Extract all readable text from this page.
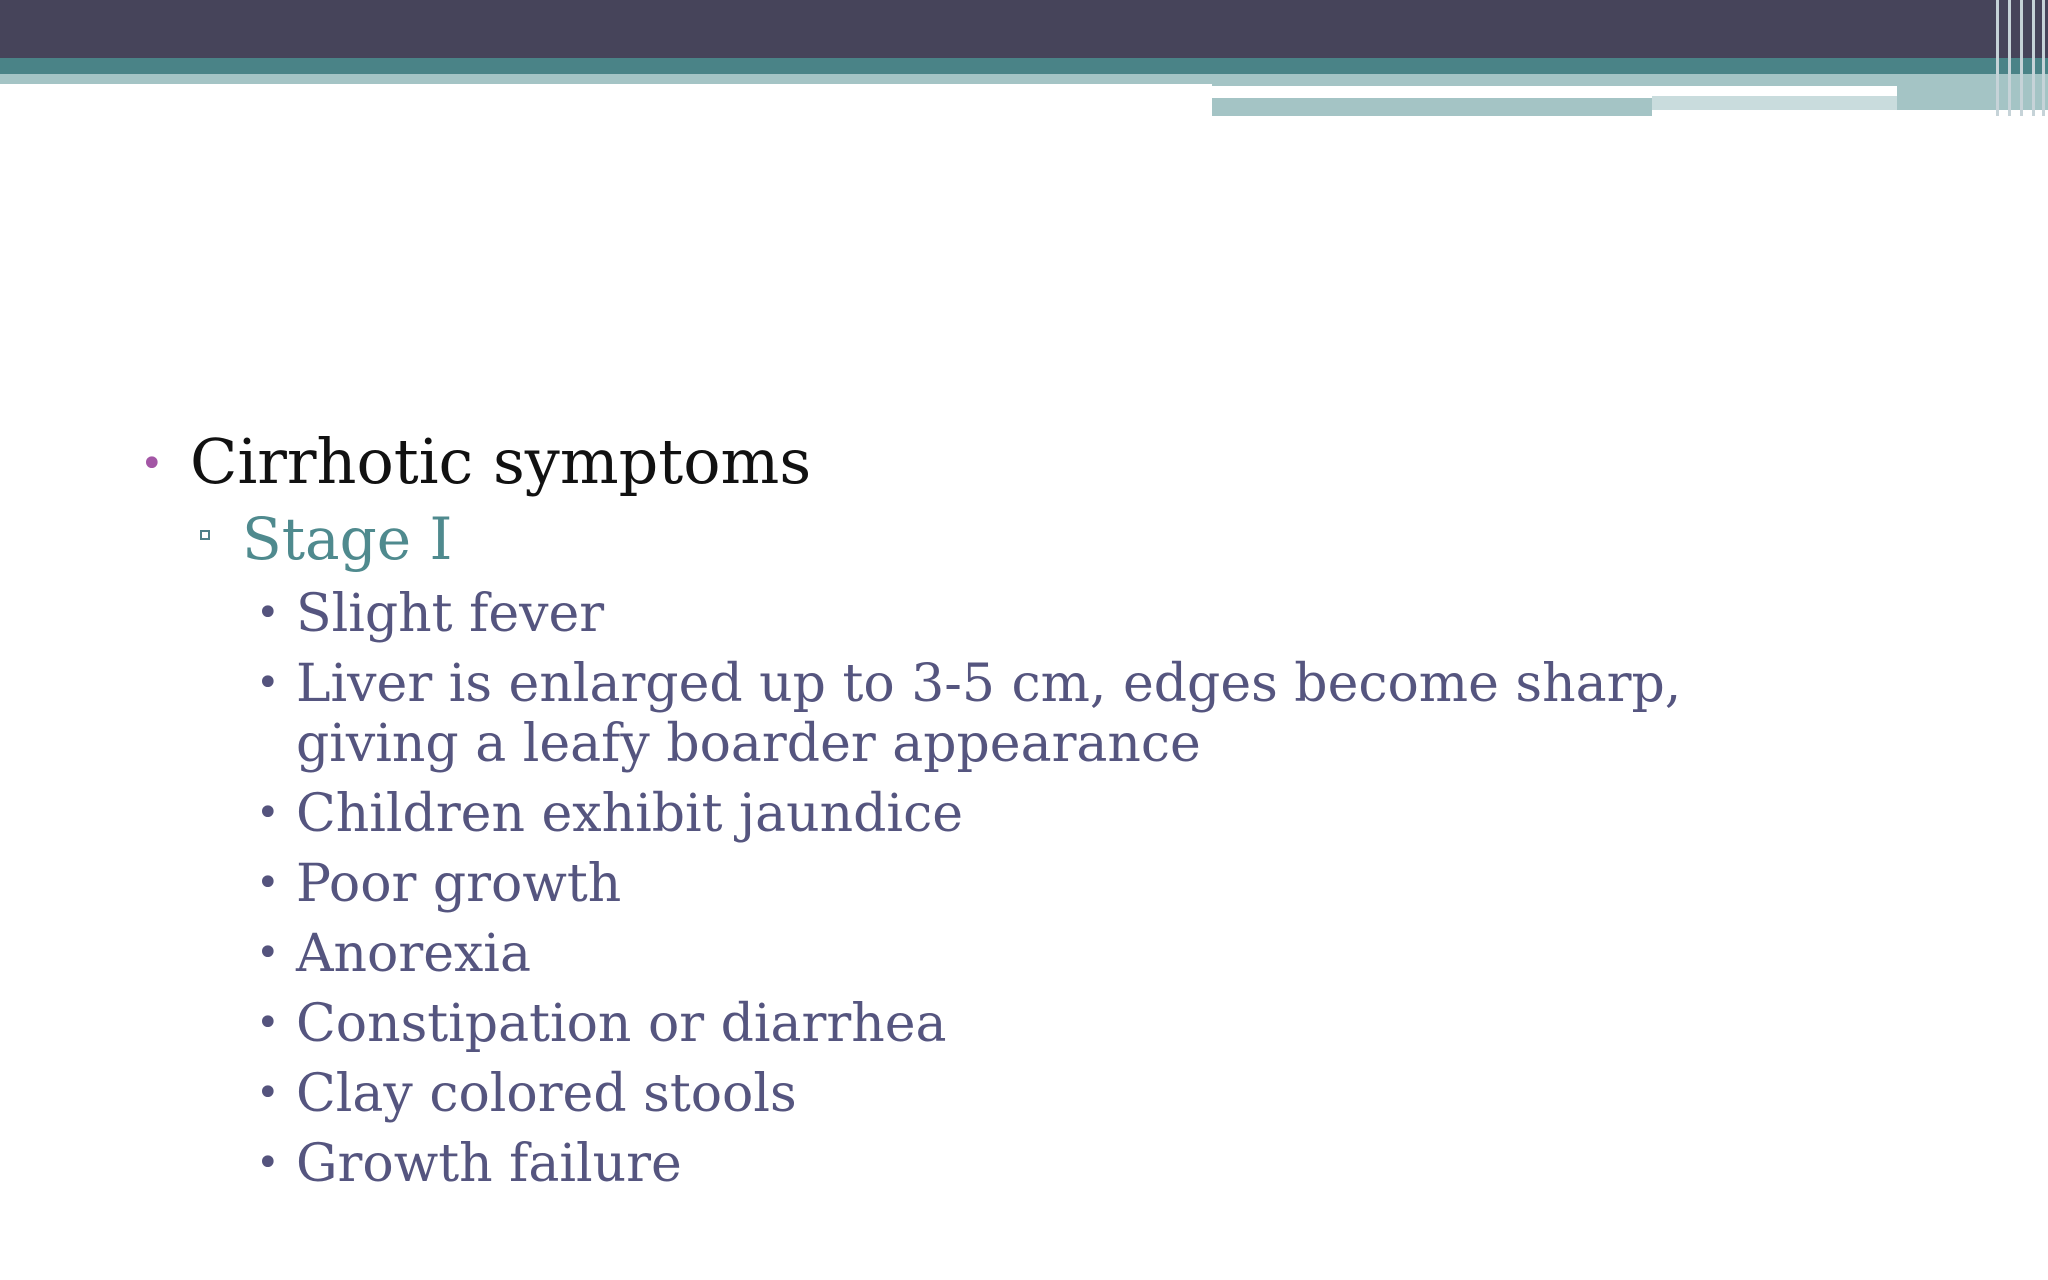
• Cirrhotic symptoms
Stage I
• Slight fever
• Liver is enlarged up to 3-5 cm, edges become sharp, giving a leafy boarder appearance
• Children exhibit jaundice
• Poor growth
• Anorexia
• Constipation or diarrhea
• Clay colored stools
• Growth failure
